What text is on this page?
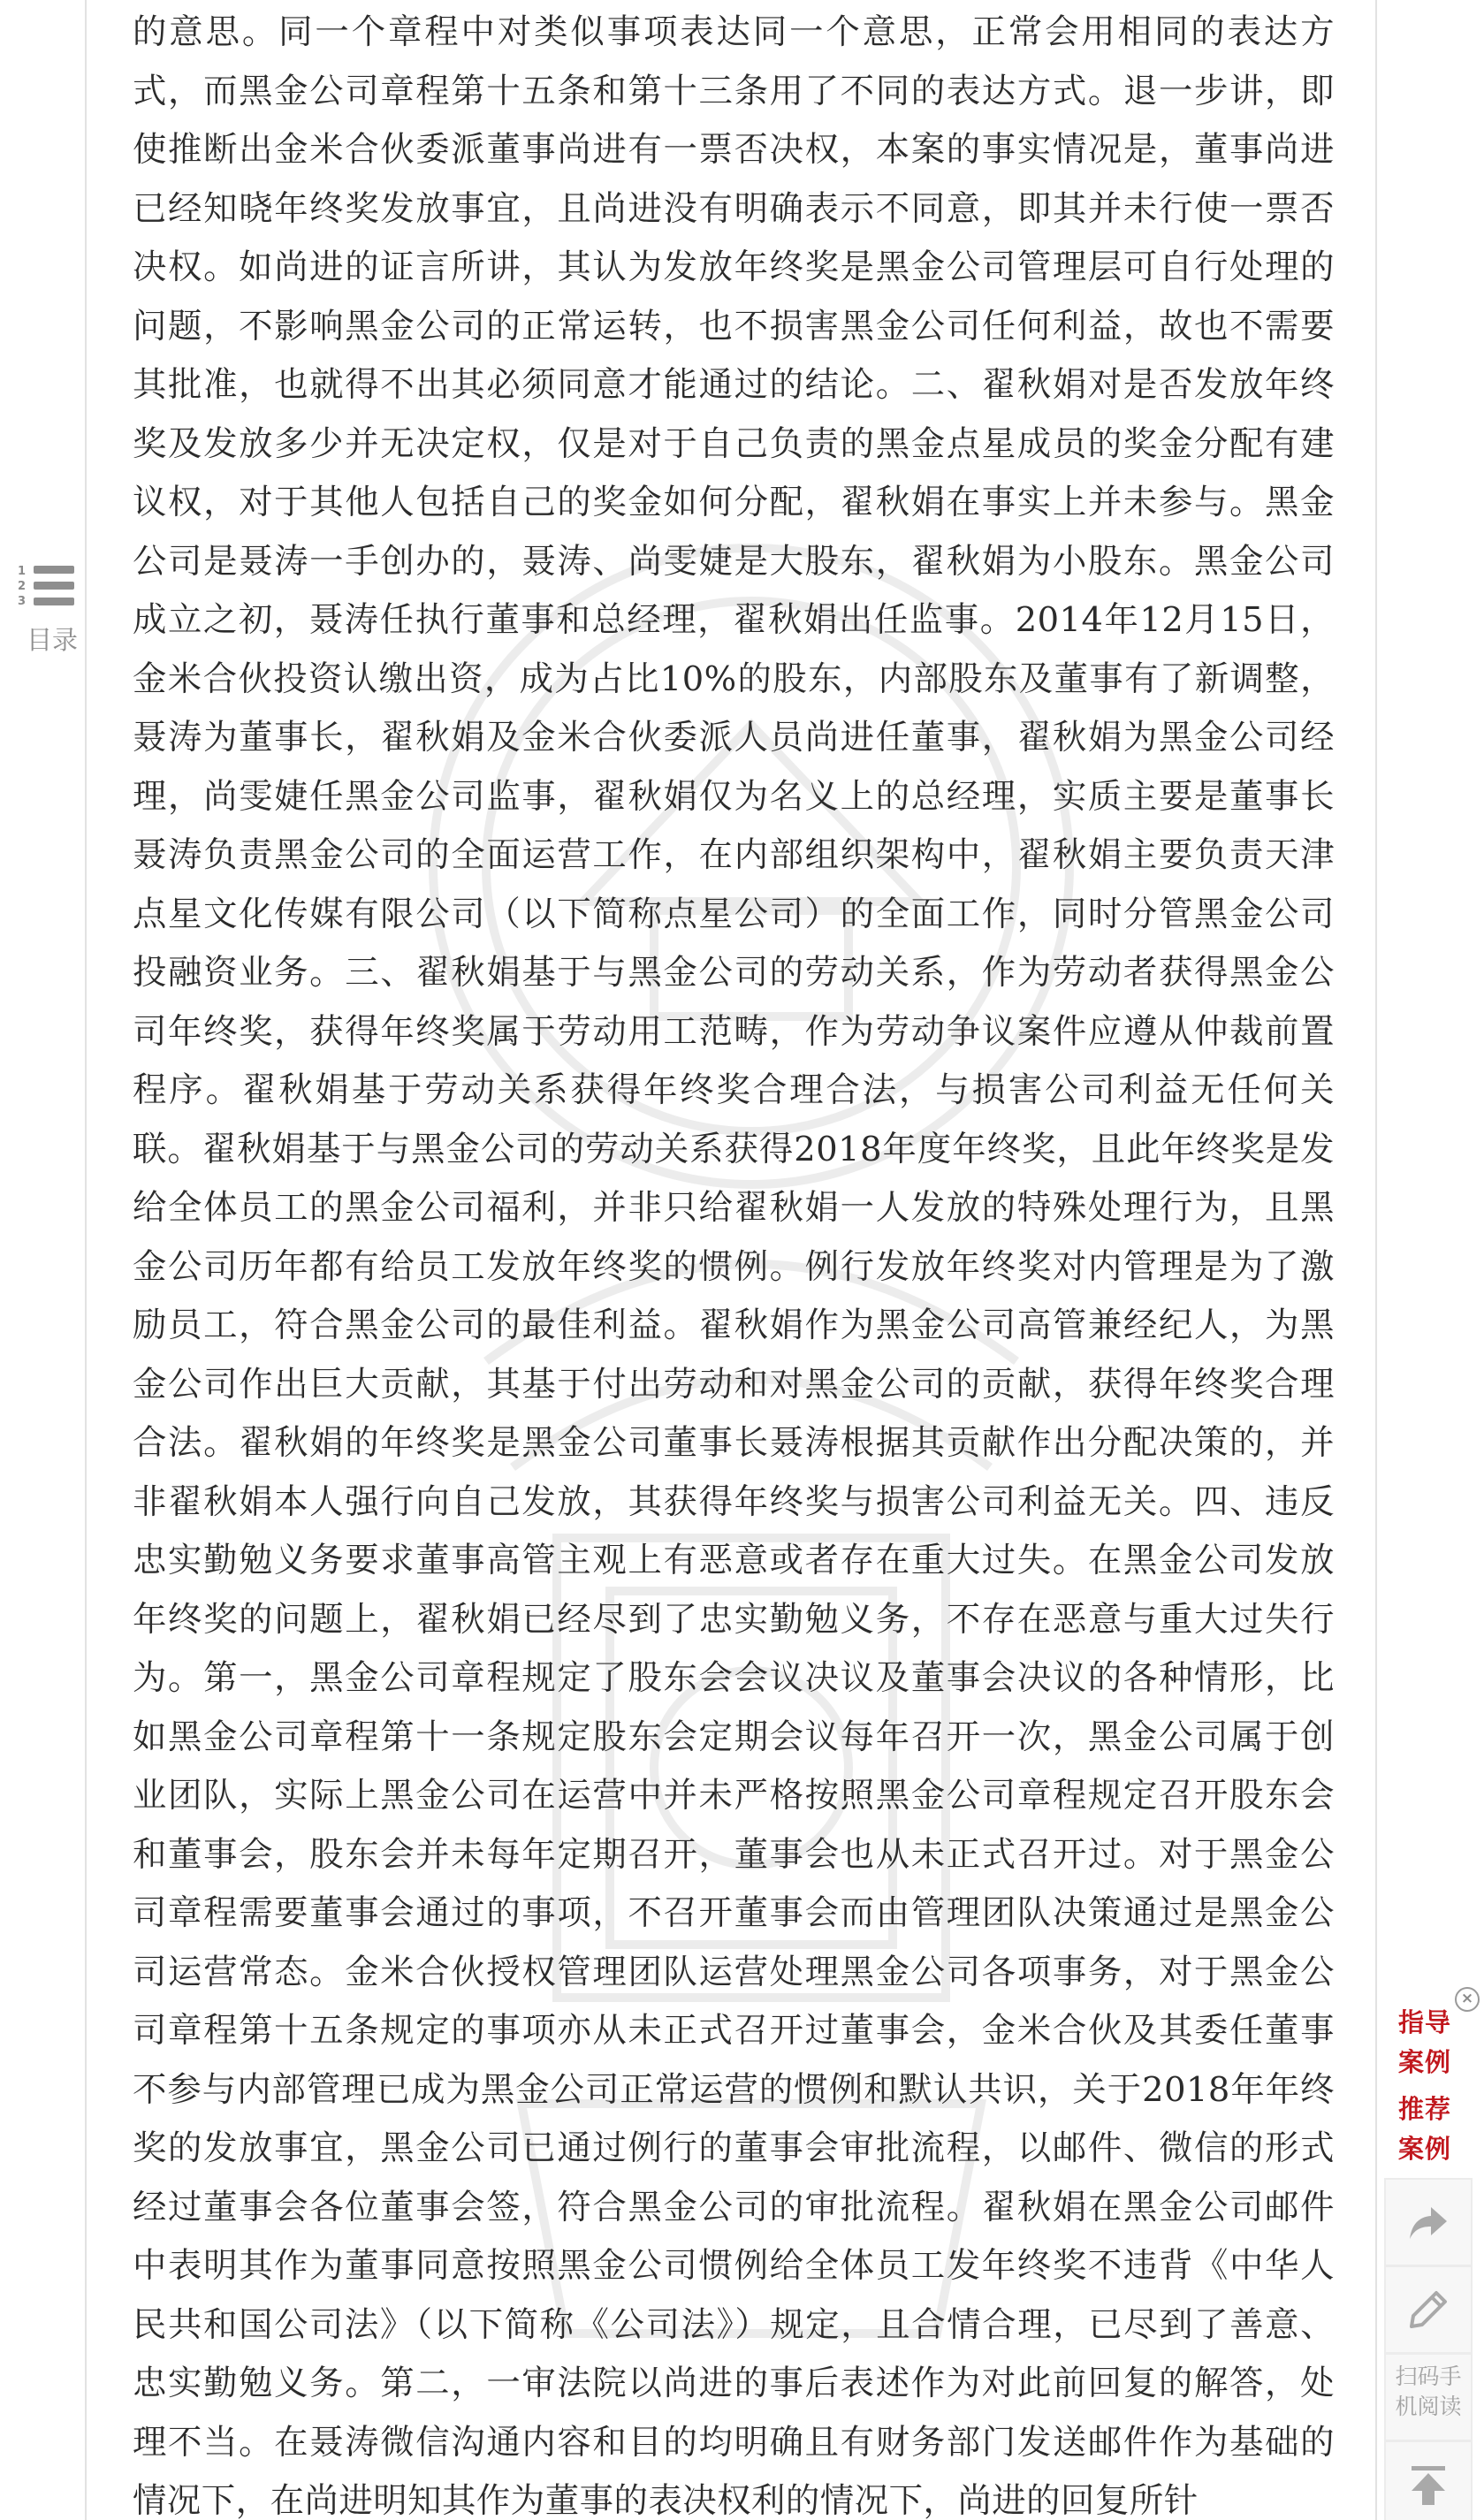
的意思。同一个章程中对类似事项表达同一个意思，正常会用相同的表达方式，而黑金公司章程第十五条和第十三条用了不同的表达方式。退一步讲，即使推断出金米合伙委派董事尚进有一票否决权，本案的事实情况是，董事尚进已经知晓年终奖发放事宜，且尚进没有明确表示不同意，即其并未行使一票否决权。如尚进的证言所讲，其认为发放年终奖是黑金公司管理层可自行处理的问题，不影响黑金公司的正常运转，也不损害黑金公司任何利益，故也不需要其批准，也就得不出其必须同意才能通过的结论。二、翟秋娟对是否发放年终奖及发放多少并无决定权，仅是对于自己负责的黑金点星成员的奖金分配有建议权，对于其他人包括自己的奖金如何分配，翟秋娟在事实上并未参与。黑金公司是聂涛一手创办的，聂涛、尚雯婕是大股东，翟秋娟为小股东。黑金公司成立之初，聂涛任执行董事和总经理，翟秋娟出任监事。2014年12月15日，金米合伙投资认缴出资，成为占比10%的股东，内部股东及董事有了新调整，聂涛为董事长，翟秋娟及金米合伙委派人员尚进任董事，翟秋娟为黑金公司经理，尚雯婕任黑金公司监事，翟秋娟仅为名义上的总经理，实质主要是董事长聂涛负责黑金公司的全面运营工作，在内部组织架构中，翟秋娟主要负责天津点星文化传媒有限公司（以下简称点星公司）的全面工作，同时分管黑金公司投融资业务。三、翟秋娟基于与黑金公司的劳动关系，作为劳动者获得黑金公司年终奖，获得年终奖属于劳动用工范畴，作为劳动争议案件应遵从仲裁前置程序。翟秋娟基于劳动关系获得年终奖合理合法，与损害公司利益无任何关联。翟秋娟基于与黑金公司的劳动关系获得2018年度年终奖，且此年终奖是发给全体员工的黑金公司福利，并非只给翟秋娟一人发放的特殊处理行为，且黑金公司历年都有给员工发放年终奖的惯例。例行发放年终奖对内管理是为了激励员工，符合黑金公司的最佳利益。翟秋娟作为黑金公司高管兼经纪人，为黑金公司作出巨大贡献，其基于付出劳动和对黑金公司的贡献，获得年终奖合理合法。翟秋娟的年终奖是黑金公司董事长聂涛根据其贡献作出分配决策的，并非翟秋娟本人强行向自己发放，其获得年终奖与损害公司利益无关。四、违反忠实勤勉义务要求董事高管主观上有恶意或者存在重大过失。在黑金公司发放年终奖的问题上，翟秋娟已经尽到了忠实勤勉义务，不存在恶意与重大过失行为。第一，黑金公司章程规定了股东会会议决议及董事会决议的各种情形，比如黑金公司章程第十一条规定股东会定期会议每年召开一次，黑金公司属于创业团队，实际上黑金公司在运营中并未严格按照黑金公司章程规定召开股东会和董事会，股东会并未每年定期召开，董事会也从未正式召开过。对于黑金公司章程需要董事会通过的事项，不召开董事会而由管理团队决策通过是黑金公司运营常态。金米合伙授权管理团队运营处理黑金公司各项事务，对于黑金公司章程第十五条规定的事项亦从未正式召开过董事会，金米合伙及其委任董事不参与内部管理已成为黑金公司正常运营的惯例和默认共识，关于2018年年终奖的发放事宜，黑金公司已通过例行的董事会审批流程，以邮件、微信的形式经过董事会各位董事会签，符合黑金公司的审批流程。翟秋娟在黑金公司邮件中表明其作为董事同意按照黑金公司惯例给全体员工发年终奖不违背《中华人民共和国公司法》（以下简称《公司法》）规定，且合情合理，已尽到了善意、忠实勤勉义务。第二，一审法院以尚进的事后表述作为对此前回复的解答，处理不当。在聂涛微信沟通内容和目的均明确且有财务部门发送邮件作为基础的情况下，在尚进明知其作为董事的表决权利的情况下，尚进的回复所针

1
2
3
目录
×
指导案例
推荐案例
扫码手机阅读
